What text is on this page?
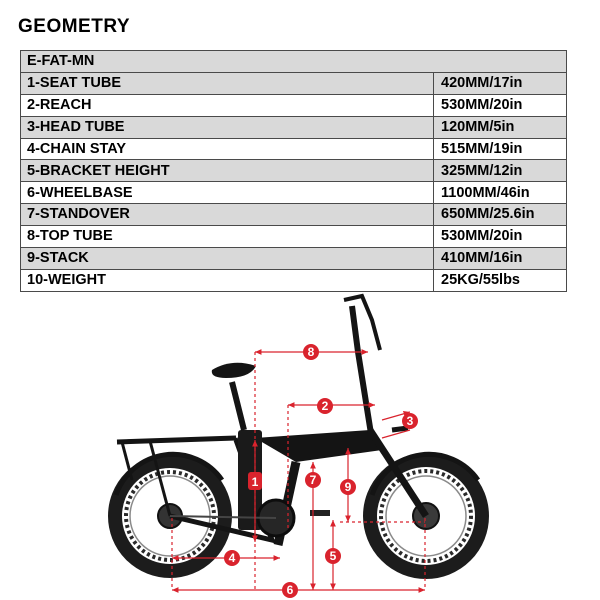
GEOMETRY
E-FAT-MN	
1-SEAT TUBE	420MM/17in
2-REACH	530MM/20in
3-HEAD TUBE	120MM/5in
4-CHAIN STAY	515MM/19in
5-BRACKET HEIGHT	325MM/12in
6-WHEELBASE	1100MM/46in
7-STANDOVER	650MM/25.6in
8-TOP TUBE	530MM/20in
9-STACK	410MM/16in
10-WEIGHT	25KG/55lbs
1
2
3
4	5
6
7
8
9
